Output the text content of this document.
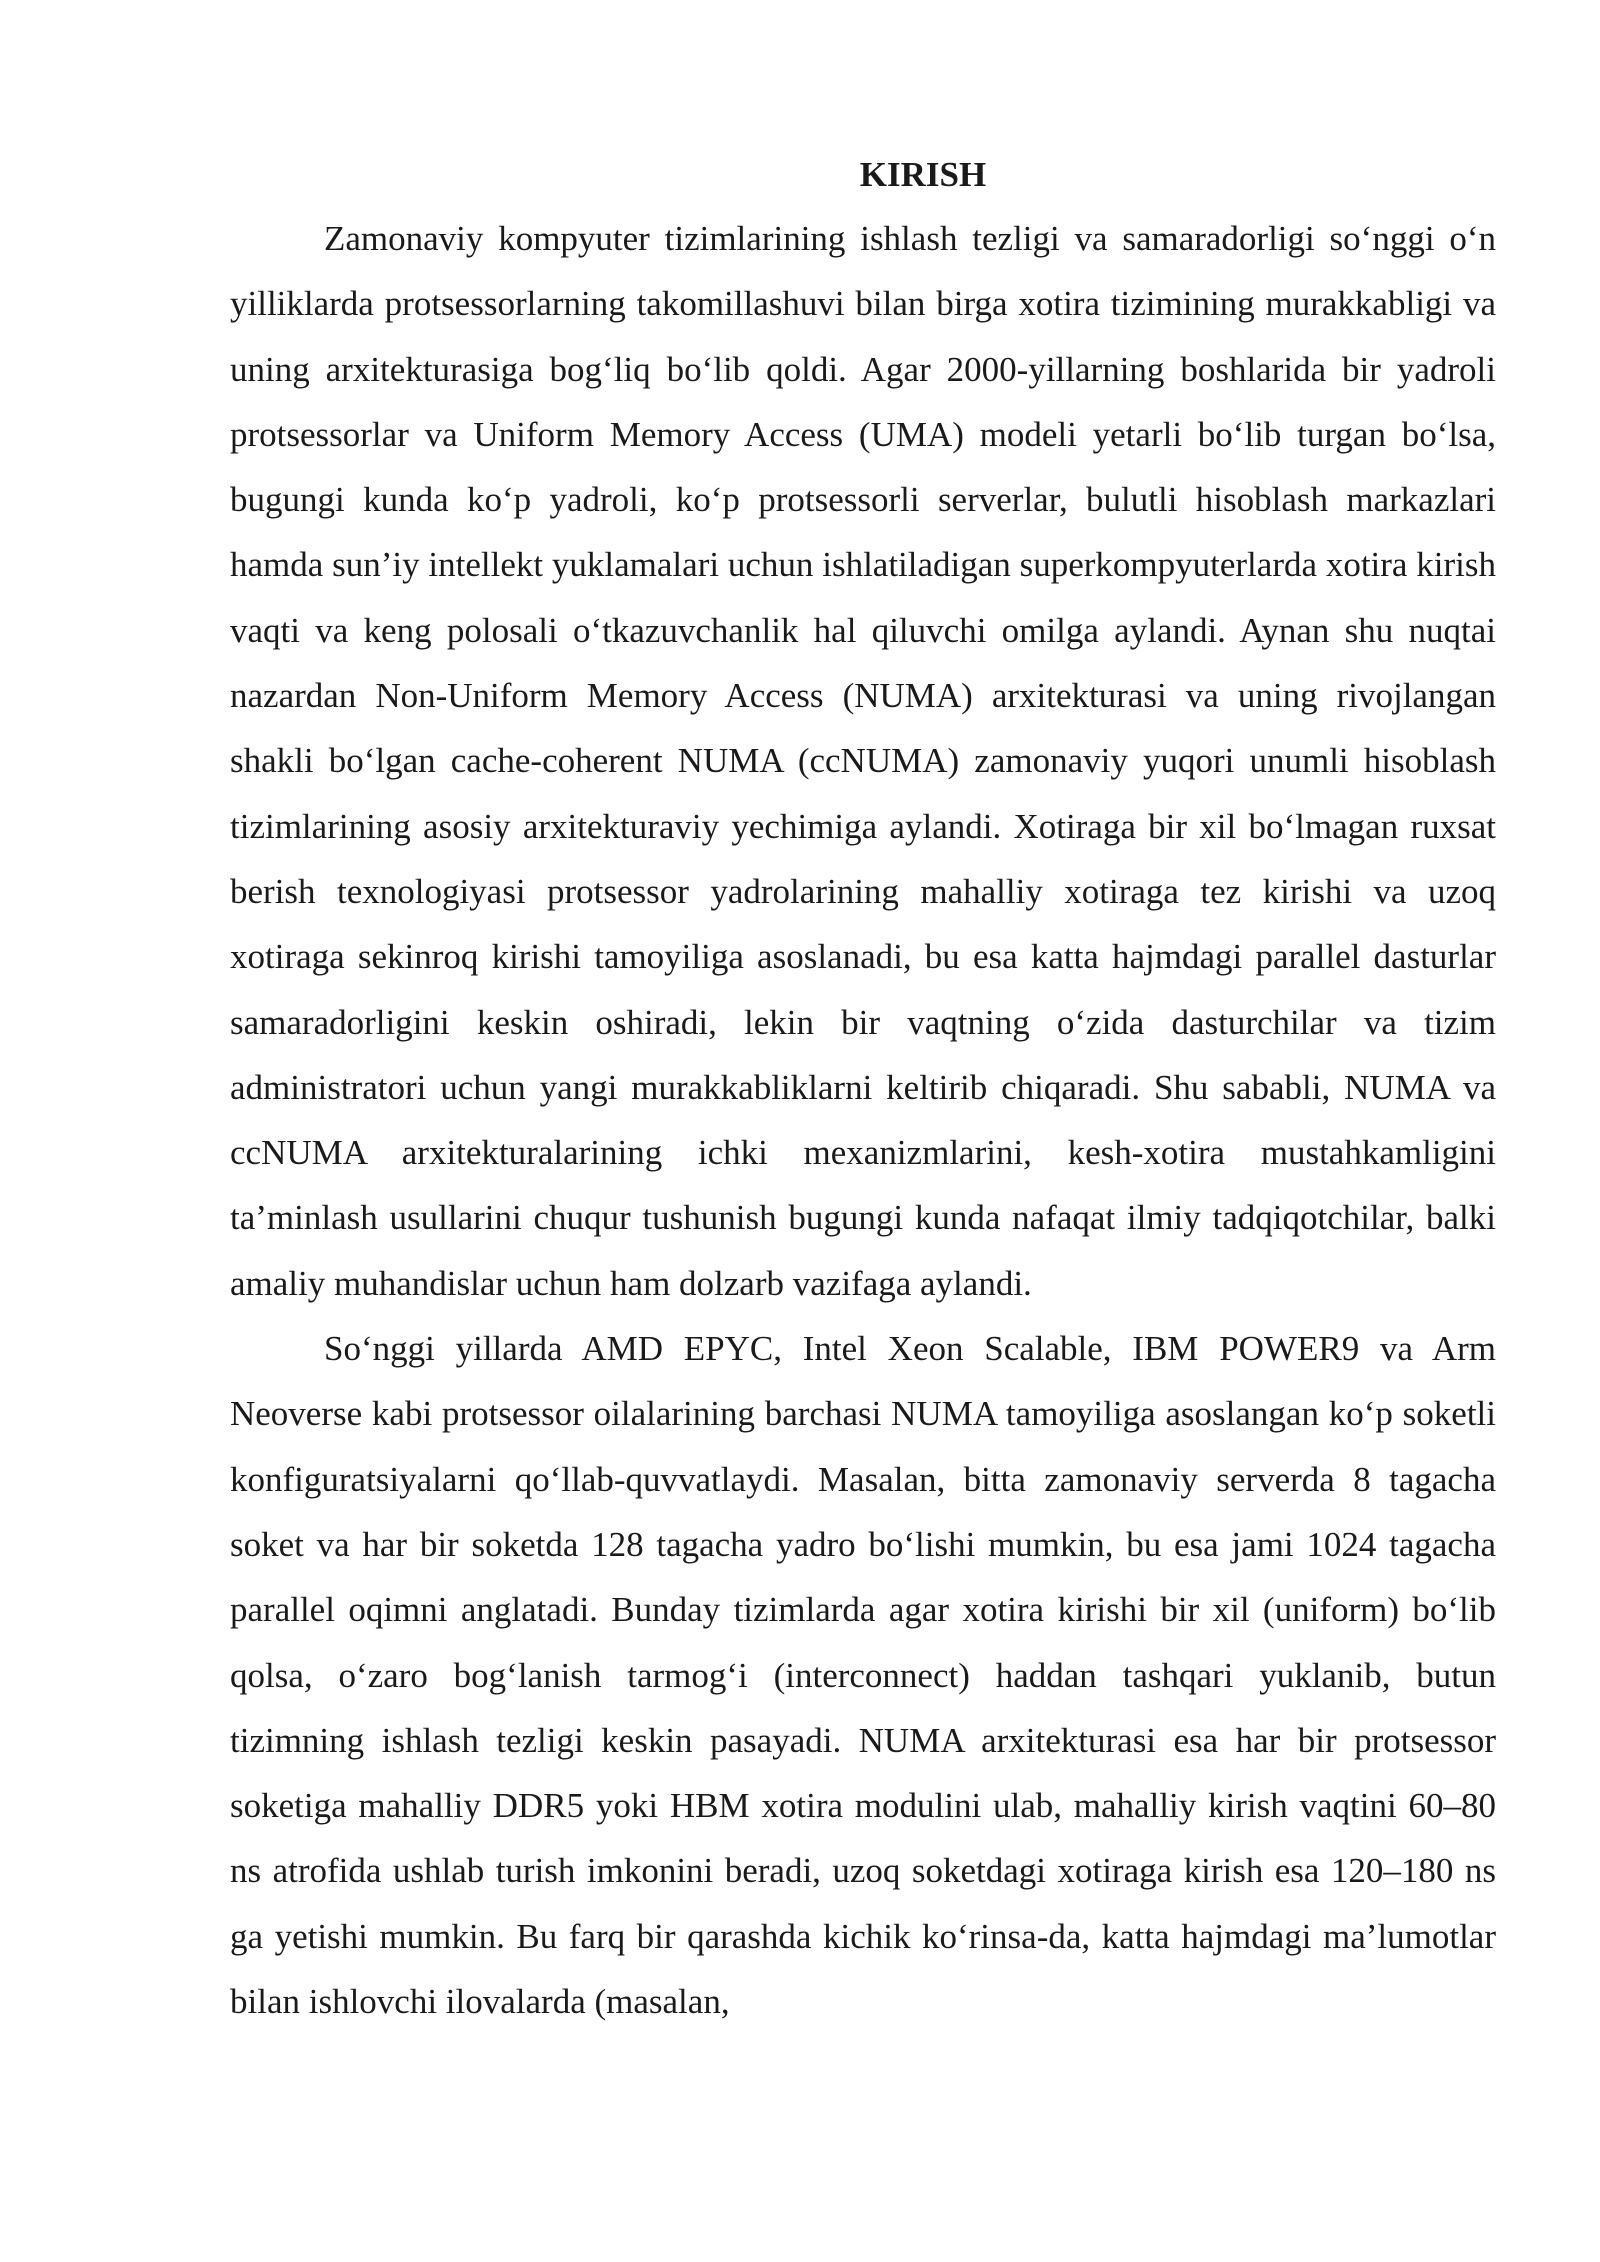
KIRISH

Zamonaviy kompyuter tizimlarining ishlash tezligi va samaradorligi so‘nggi o‘n yilliklarda protsessorlarning takomillashuvi bilan birga xotira tizimining murakkabligi va uning arxitekturasiga bog‘liq bo‘lib qoldi. Agar 2000-yillarning boshlarida bir yadroli protsessorlar va Uniform Memory Access (UMA) modeli yetarli bo‘lib turgan bo‘lsa, bugungi kunda ko‘p yadroli, ko‘p protsessorli serverlar, bulutli hisoblash markazlari hamda sun’iy intellekt yuklamalari uchun ishlatiladigan superkompyuterlarda xotira kirish vaqti va keng polosali o‘tkazuvchanlik hal qiluvchi omilga aylandi. Aynan shu nuqtai nazardan Non-Uniform Memory Access (NUMA) arxitekturasi va uning rivojlangan shakli bo‘lgan cache-coherent NUMA (ccNUMA) zamonaviy yuqori unumli hisoblash tizimlarining asosiy arxitekturaviy yechimiga aylandi. Xotiraga bir xil bo‘lmagan ruxsat berish texnologiyasi protsessor yadrolarining mahalliy xotiraga tez kirishi va uzoq xotiraga sekinroq kirishi tamoyiliga asoslanadi, bu esa katta hajmdagi parallel dasturlar samaradorligini keskin oshiradi, lekin bir vaqtning o‘zida dasturchilar va tizim administratori uchun yangi murakkabliklarni keltirib chiqaradi. Shu sababli, NUMA va ccNUMA arxitekturalarining ichki mexanizmlarini, kesh-xotira mustahkamligini ta’minlash usullarini chuqur tushunish bugungi kunda nafaqat ilmiy tadqiqotchilar, balki amaliy muhandislar uchun ham dolzarb vazifaga aylandi.

So‘nggi yillarda AMD EPYC, Intel Xeon Scalable, IBM POWER9 va Arm Neoverse kabi protsessor oilalarining barchasi NUMA tamoyiliga asoslangan ko‘p soketli konfiguratsiyalarni qo‘llab-quvvatlaydi. Masalan, bitta zamonaviy serverda 8 tagacha soket va har bir soketda 128 tagacha yadro bo‘lishi mumkin, bu esa jami 1024 tagacha parallel oqimni anglatadi. Bunday tizimlarda agar xotira kirishi bir xil (uniform) bo‘lib qolsa, o‘zaro bog‘lanish tarmog‘i (interconnect) haddan tashqari yuklanib, butun tizimning ishlash tezligi keskin pasayadi. NUMA arxitekturasi esa har bir protsessor soketiga mahalliy DDR5 yoki HBM xotira modulini ulab, mahalliy kirish vaqtini 60–80 ns atrofida ushlab turish imkonini beradi, uzoq soketdagi xotiraga kirish esa 120–180 ns ga yetishi mumkin. Bu farq bir qarashda kichik ko‘rinsa-da, katta hajmdagi ma’lumotlar bilan ishlovchi ilovalarda (masalan,
